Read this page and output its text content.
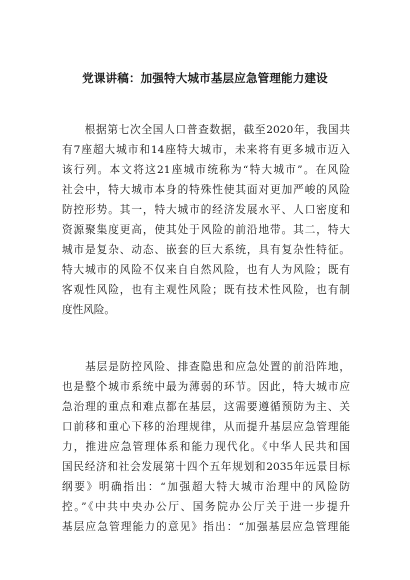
党课讲稿：加强特大城市基层应急管理能力建设

　　根据第七次全国人口普查数据，截至2020年，我国共
有7座超大城市和14座特大城市，未来将有更多城市迈入
该行列。本文将这21座城市统称为“特大城市”。在风险
社会中，特大城市本身的特殊性使其面对更加严峻的风险
防控形势。其一，特大城市的经济发展水平、人口密度和
资源聚集度更高，使其处于风险的前沿地带。其二，特大
城市是复杂、动态、嵌套的巨大系统，具有复杂性特征。
特大城市的风险不仅来自自然风险，也有人为风险；既有
客观性风险，也有主观性风险；既有技术性风险，也有制
度性风险。

　　基层是防控风险、排查隐患和应急处置的前沿阵地，
也是整个城市系统中最为薄弱的环节。因此，特大城市应
急治理的重点和难点都在基层，这需要遵循预防为主、关
口前移和重心下移的治理规律，从而提升基层应急管理能
力，推进应急管理体系和能力现代化。《中华人民共和国
国民经济和社会发展第十四个五年规划和2035年远景目标
纲要》明确指出：“加强超大特大城市治理中的风险防
控。”《中共中央办公厅、国务院办公厅关于进一步提升
基层应急管理能力的意见》指出：“加强基层应急管理能
